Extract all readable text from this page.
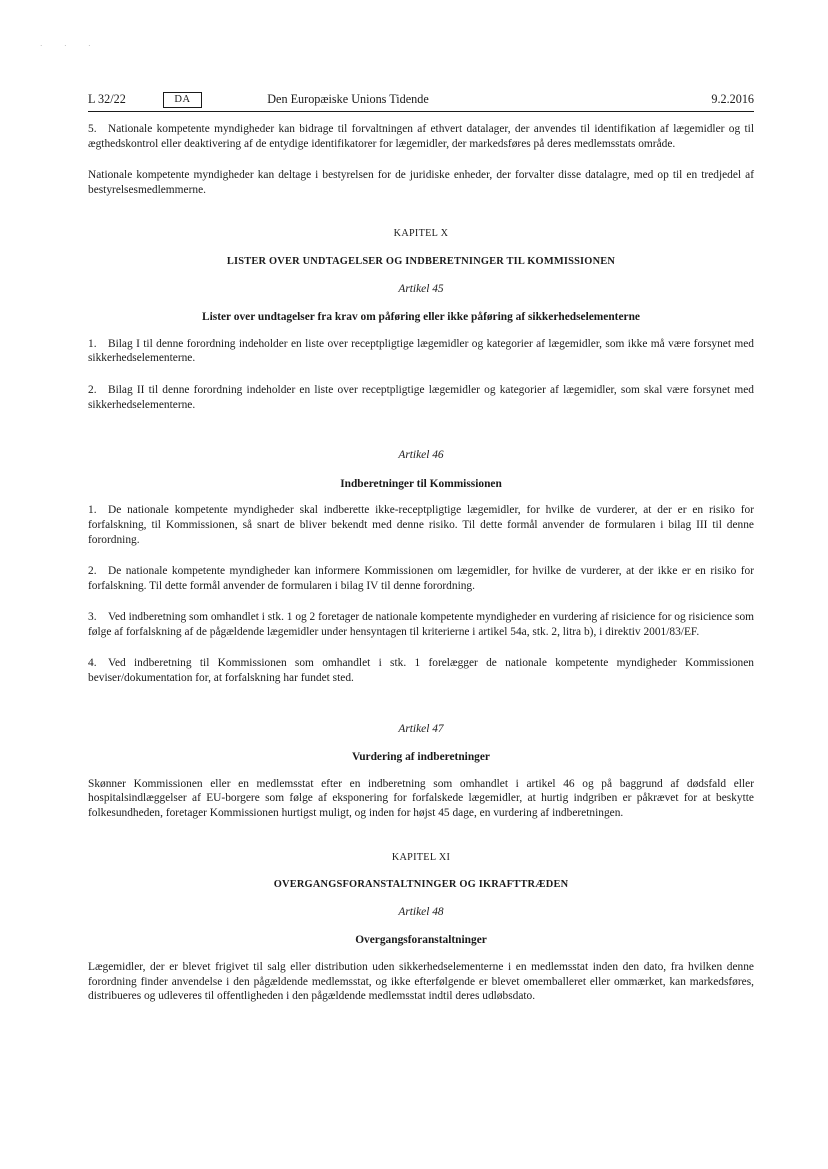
· · ·
L 32/22	DA	Den Europæiske Unions Tidende	9.2.2016

5. Nationale kompetente myndigheder kan bidrage til forvaltningen af ethvert datalager, der anvendes til identifikation af lægemidler og til ægthedskontrol eller deaktivering af de entydige identifikatorer for lægemidler, der markedsføres på deres medlemsstats område.

Nationale kompetente myndigheder kan deltage i bestyrelsen for de juridiske enheder, der forvalter disse datalagre, med op til en tredjedel af bestyrelsesmedlemmerne.

KAPITEL X
LISTER OVER UNDTAGELSER OG INDBERETNINGER TIL KOMMISSIONEN
Artikel 45
Lister over undtagelser fra krav om påføring eller ikke påføring af sikkerhedselementerne

1. Bilag I til denne forordning indeholder en liste over receptpligtige lægemidler og kategorier af lægemidler, som ikke må være forsynet med sikkerhedselementerne.

2. Bilag II til denne forordning indeholder en liste over receptpligtige lægemidler og kategorier af lægemidler, som skal være forsynet med sikkerhedselementerne.

Artikel 46
Indberetninger til Kommissionen

1. De nationale kompetente myndigheder skal indberette ikke-receptpligtige lægemidler, for hvilke de vurderer, at der er en risiko for forfalskning, til Kommissionen, så snart de bliver bekendt med denne risiko. Til dette formål anvender de formularen i bilag III til denne forordning.

2. De nationale kompetente myndigheder kan informere Kommissionen om lægemidler, for hvilke de vurderer, at der ikke er en risiko for forfalskning. Til dette formål anvender de formularen i bilag IV til denne forordning.

3. Ved indberetning som omhandlet i stk. 1 og 2 foretager de nationale kompetente myndigheder en vurdering af risicience for og risicience som følge af forfalskning af de pågældende lægemidler under hensyntagen til kriterierne i artikel 54a, stk. 2, litra b), i direktiv 2001/83/EF.

4. Ved indberetning til Kommissionen som omhandlet i stk. 1 forelægger de nationale kompetente myndigheder Kommissionen beviser/dokumentation for, at forfalskning har fundet sted.

Artikel 47
Vurdering af indberetninger

Skønner Kommissionen eller en medlemsstat efter en indberetning som omhandlet i artikel 46 og på baggrund af dødsfald eller hospitalsindlæggelser af EU-borgere som følge af eksponering for forfalskede lægemidler, at hurtig indgriben er påkrævet for at beskytte folkesundheden, foretager Kommissionen hurtigst muligt, og inden for højst 45 dage, en vurdering af indberetningen.

KAPITEL XI
OVERGANGSFORANSTALTNINGER OG IKRAFTTRÆDEN
Artikel 48
Overgangsforanstaltninger

Lægemidler, der er blevet frigivet til salg eller distribution uden sikkerhedselementerne i en medlemsstat inden den dato, fra hvilken denne forordning finder anvendelse i den pågældende medlemsstat, og ikke efterfølgende er blevet omemballeret eller ommærket, kan markedsføres, distribueres og udleveres til offentligheden i den pågældende medlemsstat indtil deres udløbsdato.
